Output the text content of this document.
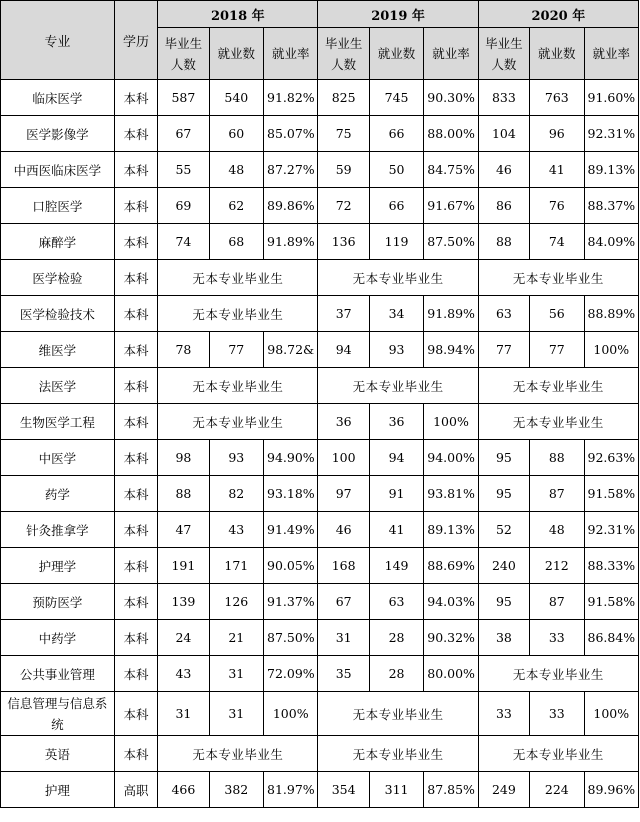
专业	学历	2018 年			2019 年			2020 年		
		毕业生人数	就业数	就业率	毕业生人数	就业数	就业率	毕业生人数	就业数	就业率
临床医学	本科	587	540	91.82%	825	745	90.30%	833	763	91.60%
医学影像学	本科	67	60	85.07%	75	66	88.00%	104	96	92.31%
中西医临床医学	本科	55	48	87.27%	59	50	84.75%	46	41	89.13%
口腔医学	本科	69	62	89.86%	72	66	91.67%	86	76	88.37%
麻醉学	本科	74	68	91.89%	136	119	87.50%	88	74	84.09%
医学检验	本科	无本专业毕业生			无本专业毕业生			无本专业毕业生		
医学检验技术	本科	无本专业毕业生			37	34	91.89%	63	56	88.89%
维医学	本科	78	77	98.72&	94	93	98.94%	77	77	100%
法医学	本科	无本专业毕业生			无本专业毕业生			无本专业毕业生		
生物医学工程	本科	无本专业毕业生			36	36	100%	无本专业毕业生		
中医学	本科	98	93	94.90%	100	94	94.00%	95	88	92.63%
药学	本科	88	82	93.18%	97	91	93.81%	95	87	91.58%
针灸推拿学	本科	47	43	91.49%	46	41	89.13%	52	48	92.31%
护理学	本科	191	171	90.05%	168	149	88.69%	240	212	88.33%
预防医学	本科	139	126	91.37%	67	63	94.03%	95	87	91.58%
中药学	本科	24	21	87.50%	31	28	90.32%	38	33	86.84%
公共事业管理	本科	43	31	72.09%	35	28	80.00%	无本专业毕业生		
信息管理与信息系统	本科	31	31	100%	无本专业毕业生			33	33	100%
英语	本科	无本专业毕业生			无本专业毕业生			无本专业毕业生		
护理	高职	466	382	81.97%	354	311	87.85%	249	224	89.96%
